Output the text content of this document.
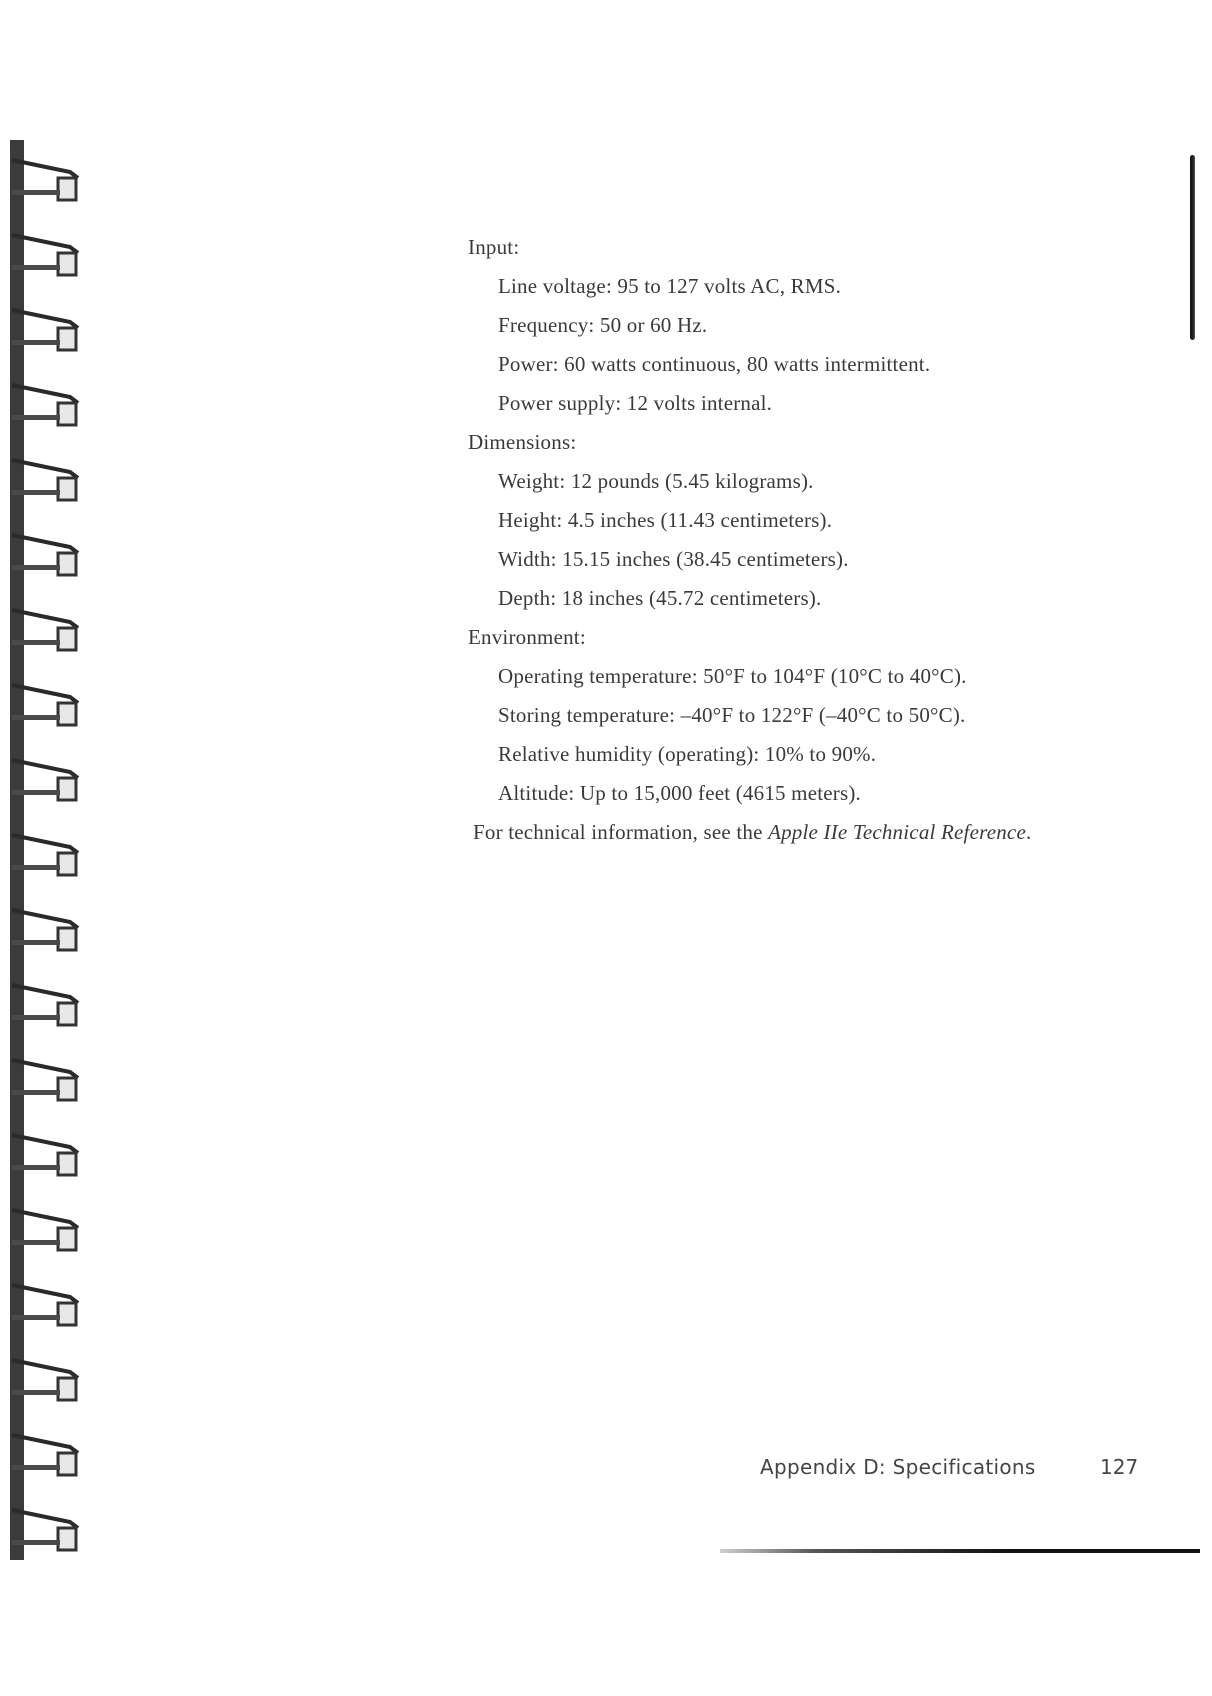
Input:
Line voltage: 95 to 127 volts AC, RMS.
Frequency: 50 or 60 Hz.
Power: 60 watts continuous, 80 watts intermittent.
Power supply: 12 volts internal.
Dimensions:
Weight: 12 pounds (5.45 kilograms).
Height: 4.5 inches (11.43 centimeters).
Width: 15.15 inches (38.45 centimeters).
Depth: 18 inches (45.72 centimeters).
Environment:
Operating temperature: 50°F to 104°F (10°C to 40°C).
Storing temperature: –40°F to 122°F (–40°C to 50°C).
Relative humidity (operating): 10% to 90%.
Altitude: Up to 15,000 feet (4615 meters).
For technical information, see the Apple IIe Technical Reference.
Appendix D: Specifications	127
